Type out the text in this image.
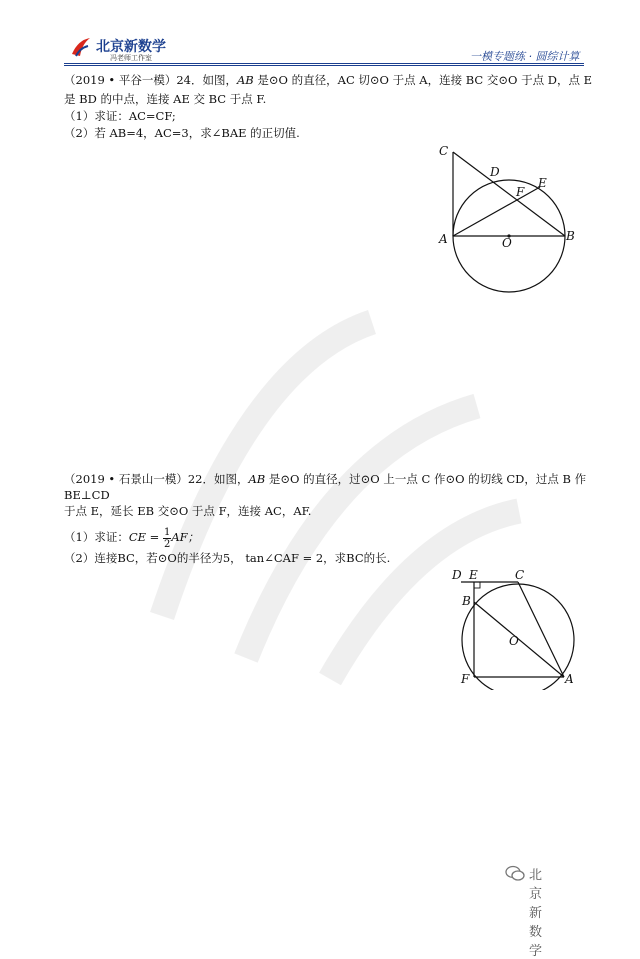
北京新数学
冯老师工作室	一模专题练 · 圆综计算
（2019 • 平谷一模）24．如图，AB 是⊙O 的直径，AC 切⊙O 于点 A，连接 BC 交⊙O 于点 D，点 E
是 BD 的中点，连接 AE 交 BC 于点 F.
（1）求证：AC=CF;
（2）若 AB=4，AC=3，求∠BAE 的正切值.
C
D
E
F
A	O	B
（2019 • 石景山一模）22．如图，AB 是⊙O 的直径，过⊙O 上一点 C 作⊙O 的切线 CD，过点 B 作
BE⊥CD
于点 E，延长 EB 交⊙O 于点 F，连接 AC，AF.
（1）求证：CE = $\frac{1}{2}$ AF；
（2）连接BC，若⊙O的半径为5， tan∠CAF = 2，求BC的长.
D E	C
B
O
F	A
北京新数学
